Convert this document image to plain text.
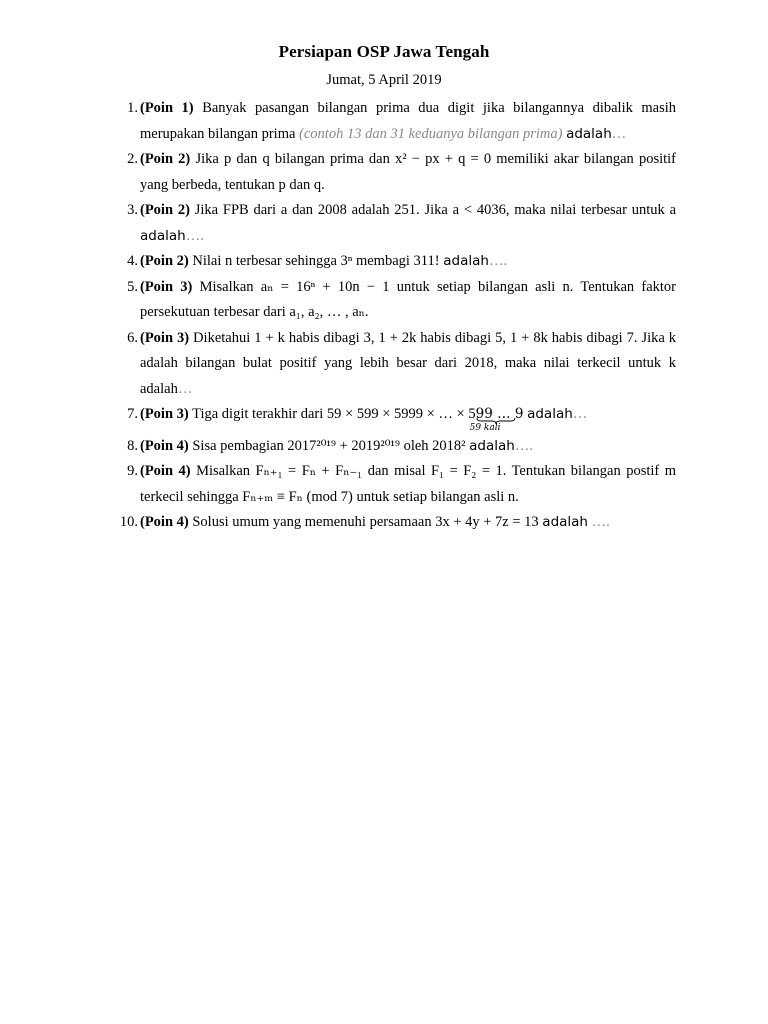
Persiapan OSP Jawa Tengah
Jumat, 5 April 2019
1. (Poin 1) Banyak pasangan bilangan prima dua digit jika bilangannya dibalik masih merupakan bilangan prima (contoh 13 dan 31 keduanya bilangan prima) adalah…
2. (Poin 2) Jika p dan q bilangan prima dan x² − px + q = 0 memiliki akar bilangan positif yang berbeda, tentukan p dan q.
3. (Poin 2) Jika FPB dari a dan 2008 adalah 251. Jika a < 4036, maka nilai terbesar untuk a adalah….
4. (Poin 2) Nilai n terbesar sehingga 3ⁿ membagi 311! adalah….
5. (Poin 3) Misalkan aₙ = 16ⁿ + 10n − 1 untuk setiap bilangan asli n. Tentukan faktor persekutuan terbesar dari a₁, a₂, … , aₙ.
6. (Poin 3) Diketahui 1 + k habis dibagi 3, 1 + 2k habis dibagi 5, 1 + 8k habis dibagi 7. Jika k adalah bilangan bulat positif yang lebih besar dari 2018, maka nilai terkecil untuk k adalah…
7. (Poin 3) Tiga digit terakhir dari 59 × 599 × 5999 × … × 599 … 9
59 kali
adalah…
8. (Poin 4) Sisa pembagian 2017²⁰¹⁹ + 2019²⁰¹⁹ oleh 2018² adalah….
9. (Poin 4) Misalkan Fₙ₊₁ = Fₙ + Fₙ₋₁ dan misal F₁ = F₂ = 1. Tentukan bilangan postif m terkecil sehingga Fₙ₊ₘ ≡ Fₙ (mod 7) untuk setiap bilangan asli n.
10. (Poin 4) Solusi umum yang memenuhi persamaan 3x + 4y + 7z = 13 adalah ….
